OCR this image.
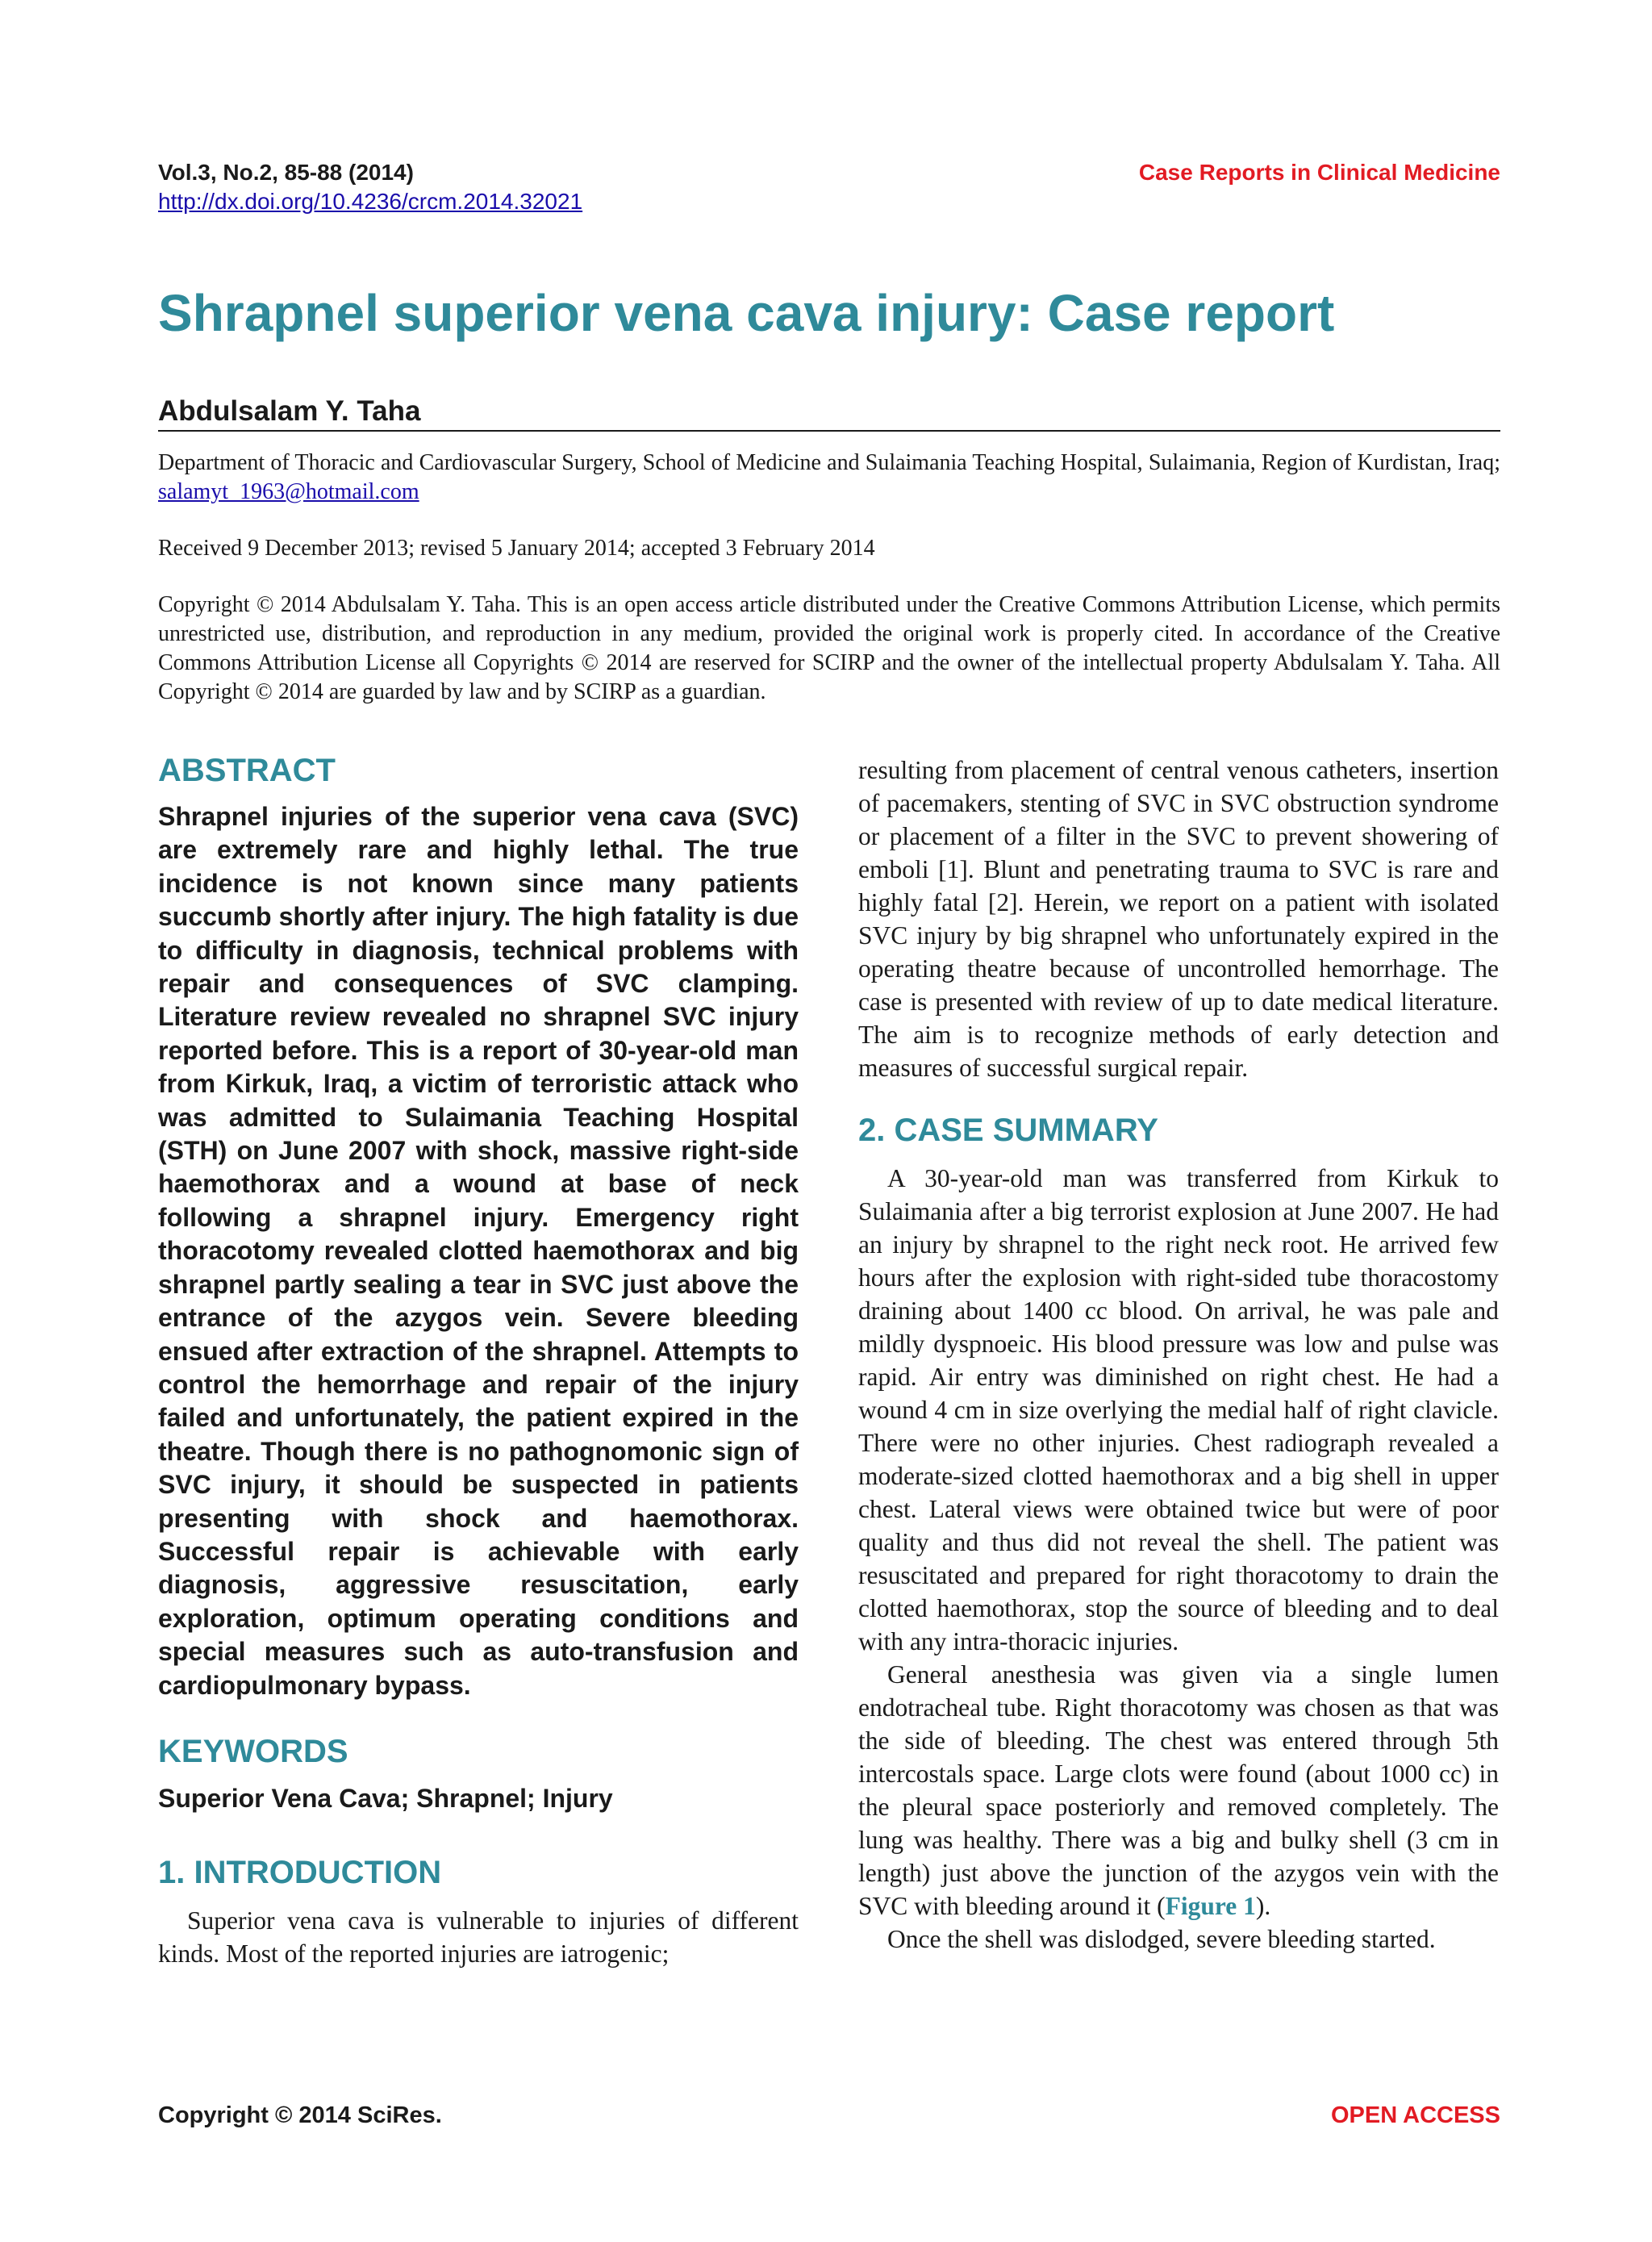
Vol.3, No.2, 85-88 (2014)
http://dx.doi.org/10.4236/crcm.2014.32021
Case Reports in Clinical Medicine
Shrapnel superior vena cava injury: Case report
Abdulsalam Y. Taha
Department of Thoracic and Cardiovascular Surgery, School of Medicine and Sulaimania Teaching Hospital, Sulaimania, Region of Kurdistan, Iraq; salamyt_1963@hotmail.com
Received 9 December 2013; revised 5 January 2014; accepted 3 February 2014
Copyright © 2014 Abdulsalam Y. Taha. This is an open access article distributed under the Creative Commons Attribution License, which permits unrestricted use, distribution, and reproduction in any medium, provided the original work is properly cited. In accordance of the Creative Commons Attribution License all Copyrights © 2014 are reserved for SCIRP and the owner of the intellectual property Abdulsalam Y. Taha. All Copyright © 2014 are guarded by law and by SCIRP as a guardian.
ABSTRACT

Shrapnel injuries of the superior vena cava (SVC) are extremely rare and highly lethal. The true incidence is not known since many patients succumb shortly after injury. The high fatality is due to difficulty in diagnosis, technical problems with repair and consequences of SVC clamping. Literature review revealed no shrapnel SVC injury reported before. This is a report of 30-year-old man from Kirkuk, Iraq, a victim of terroristic attack who was admitted to Sulaimania Teaching Hospital (STH) on June 2007 with shock, massive right-side haemothorax and a wound at base of neck following a shrapnel injury. Emergency right thoracotomy revealed clotted haemothorax and big shrapnel partly sealing a tear in SVC just above the entrance of the azygos vein. Severe bleeding ensued after extraction of the shrapnel. Attempts to control the hemorrhage and repair of the injury failed and unfortunately, the patient expired in the theatre. Though there is no pathognomonic sign of SVC injury, it should be suspected in patients presenting with shock and haemothorax. Successful repair is achievable with early diagnosis, aggressive resuscitation, early exploration, optimum operating conditions and special measures such as auto-transfusion and cardiopulmonary bypass.

KEYWORDS

Superior Vena Cava; Shrapnel; Injury

1. INTRODUCTION

Superior vena cava is vulnerable to injuries of different kinds. Most of the reported injuries are iatrogenic;

resulting from placement of central venous catheters, insertion of pacemakers, stenting of SVC in SVC obstruction syndrome or placement of a filter in the SVC to prevent showering of emboli [1]. Blunt and penetrating trauma to SVC is rare and highly fatal [2]. Herein, we report on a patient with isolated SVC injury by big shrapnel who unfortunately expired in the operating theatre because of uncontrolled hemorrhage. The case is presented with review of up to date medical literature. The aim is to recognize methods of early detection and measures of successful surgical repair.

2. CASE SUMMARY

A 30-year-old man was transferred from Kirkuk to Sulaimania after a big terrorist explosion at June 2007. He had an injury by shrapnel to the right neck root. He arrived few hours after the explosion with right-sided tube thoracostomy draining about 1400 cc blood. On arrival, he was pale and mildly dyspnoeic. His blood pressure was low and pulse was rapid. Air entry was diminished on right chest. He had a wound 4 cm in size overlying the medial half of right clavicle. There were no other injuries. Chest radiograph revealed a moderate-sized clotted haemothorax and a big shell in upper chest. Lateral views were obtained twice but were of poor quality and thus did not reveal the shell. The patient was resuscitated and prepared for right thoracotomy to drain the clotted haemothorax, stop the source of bleeding and to deal with any intra-thoracic injuries.

General anesthesia was given via a single lumen endotracheal tube. Right thoracotomy was chosen as that was the side of bleeding. The chest was entered through 5th intercostals space. Large clots were found (about 1000 cc) in the pleural space posteriorly and removed completely. The lung was healthy. There was a big and bulky shell (3 cm in length) just above the junction of the azygos vein with the SVC with bleeding around it (Figure 1).

Once the shell was dislodged, severe bleeding started.

Copyright © 2014 SciRes.	OPEN ACCESS
